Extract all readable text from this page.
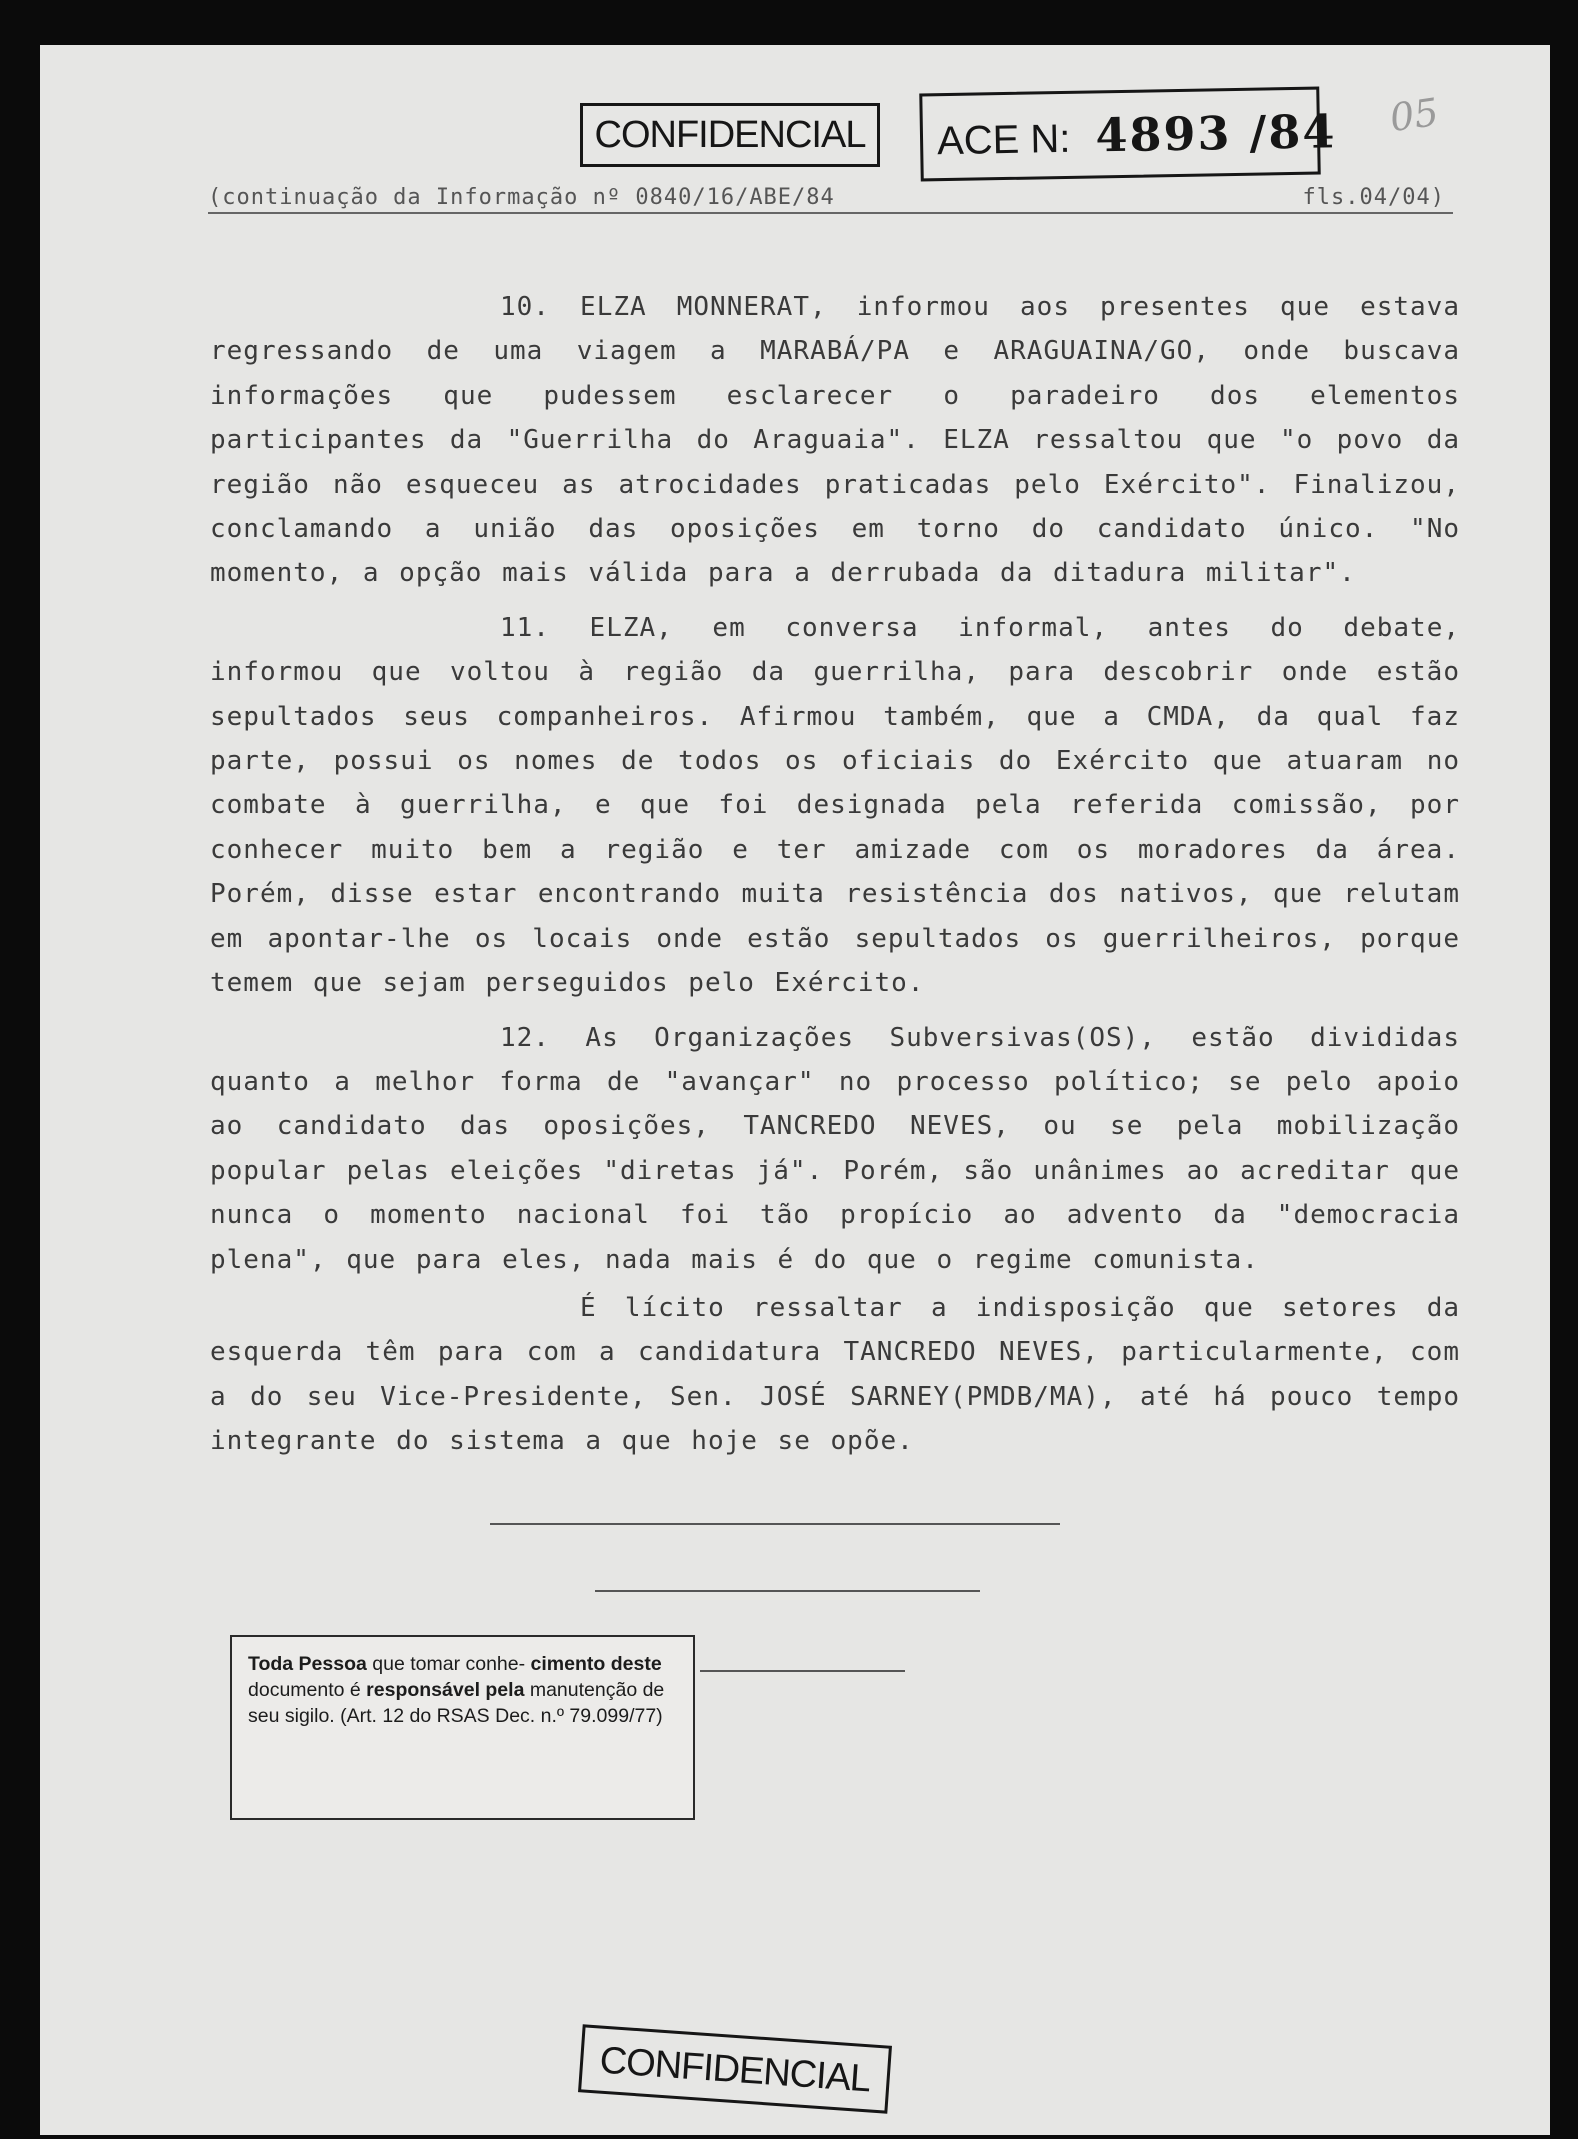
CONFIDENCIAL	ACE N: 4893 /84 05
(continuação da Informação nº 0840/16/ABE/84	fls.04/04)

10. ELZA MONNERAT, informou aos presentes que estava regressando de uma viagem a MARABÁ/PA e ARAGUAINA/GO, onde buscava informações que pudessem esclarecer o paradeiro dos elementos participantes da "Guerrilha do Araguaia". ELZA ressaltou que "o povo da região não esqueceu as atrocidades praticadas pelo Exército". Finalizou, conclamando a união das oposições em torno do candidato único. "No momento, a opção mais válida para a derrubada da ditadura militar".

11. ELZA, em conversa informal, antes do debate, informou que voltou à região da guerrilha, para descobrir onde estão sepultados seus companheiros. Afirmou também, que a CMDA, da qual faz parte, possui os nomes de todos os oficiais do Exército que atuaram no combate à guerrilha, e que foi designada pela referida comissão, por conhecer muito bem a região e ter amizade com os moradores da área. Porém, disse estar encontrando muita resistência dos nativos, que relutam em apontar-lhe os locais onde estão sepultados os guerrilheiros, porque temem que sejam perseguidos pelo Exército.

12. As Organizações Subversivas(OS), estão divididas quanto a melhor forma de "avançar" no processo político; se pelo apoio ao candidato das oposições, TANCREDO NEVES, ou se pela mobilização popular pelas eleições "diretas já". Porém, são unânimes ao acreditar que nunca o momento nacional foi tão propício ao advento da "democracia plena", que para eles, nada mais é do que o regime comunista.

É lícito ressaltar a indisposição que setores da esquerda têm para com a candidatura TANCREDO NEVES, particularmente, com a do seu Vice-Presidente, Sen. JOSÉ SARNEY(PMDB/MA), até há pouco tempo integrante do sistema a que hoje se opõe.

Toda Pessoa que tomar conhe- cimento deste documento é responsável pela manutenção de seu sigilo. (Art. 12 do RSAS Dec. n.º 79.099/77)
CONFIDENCIAL
